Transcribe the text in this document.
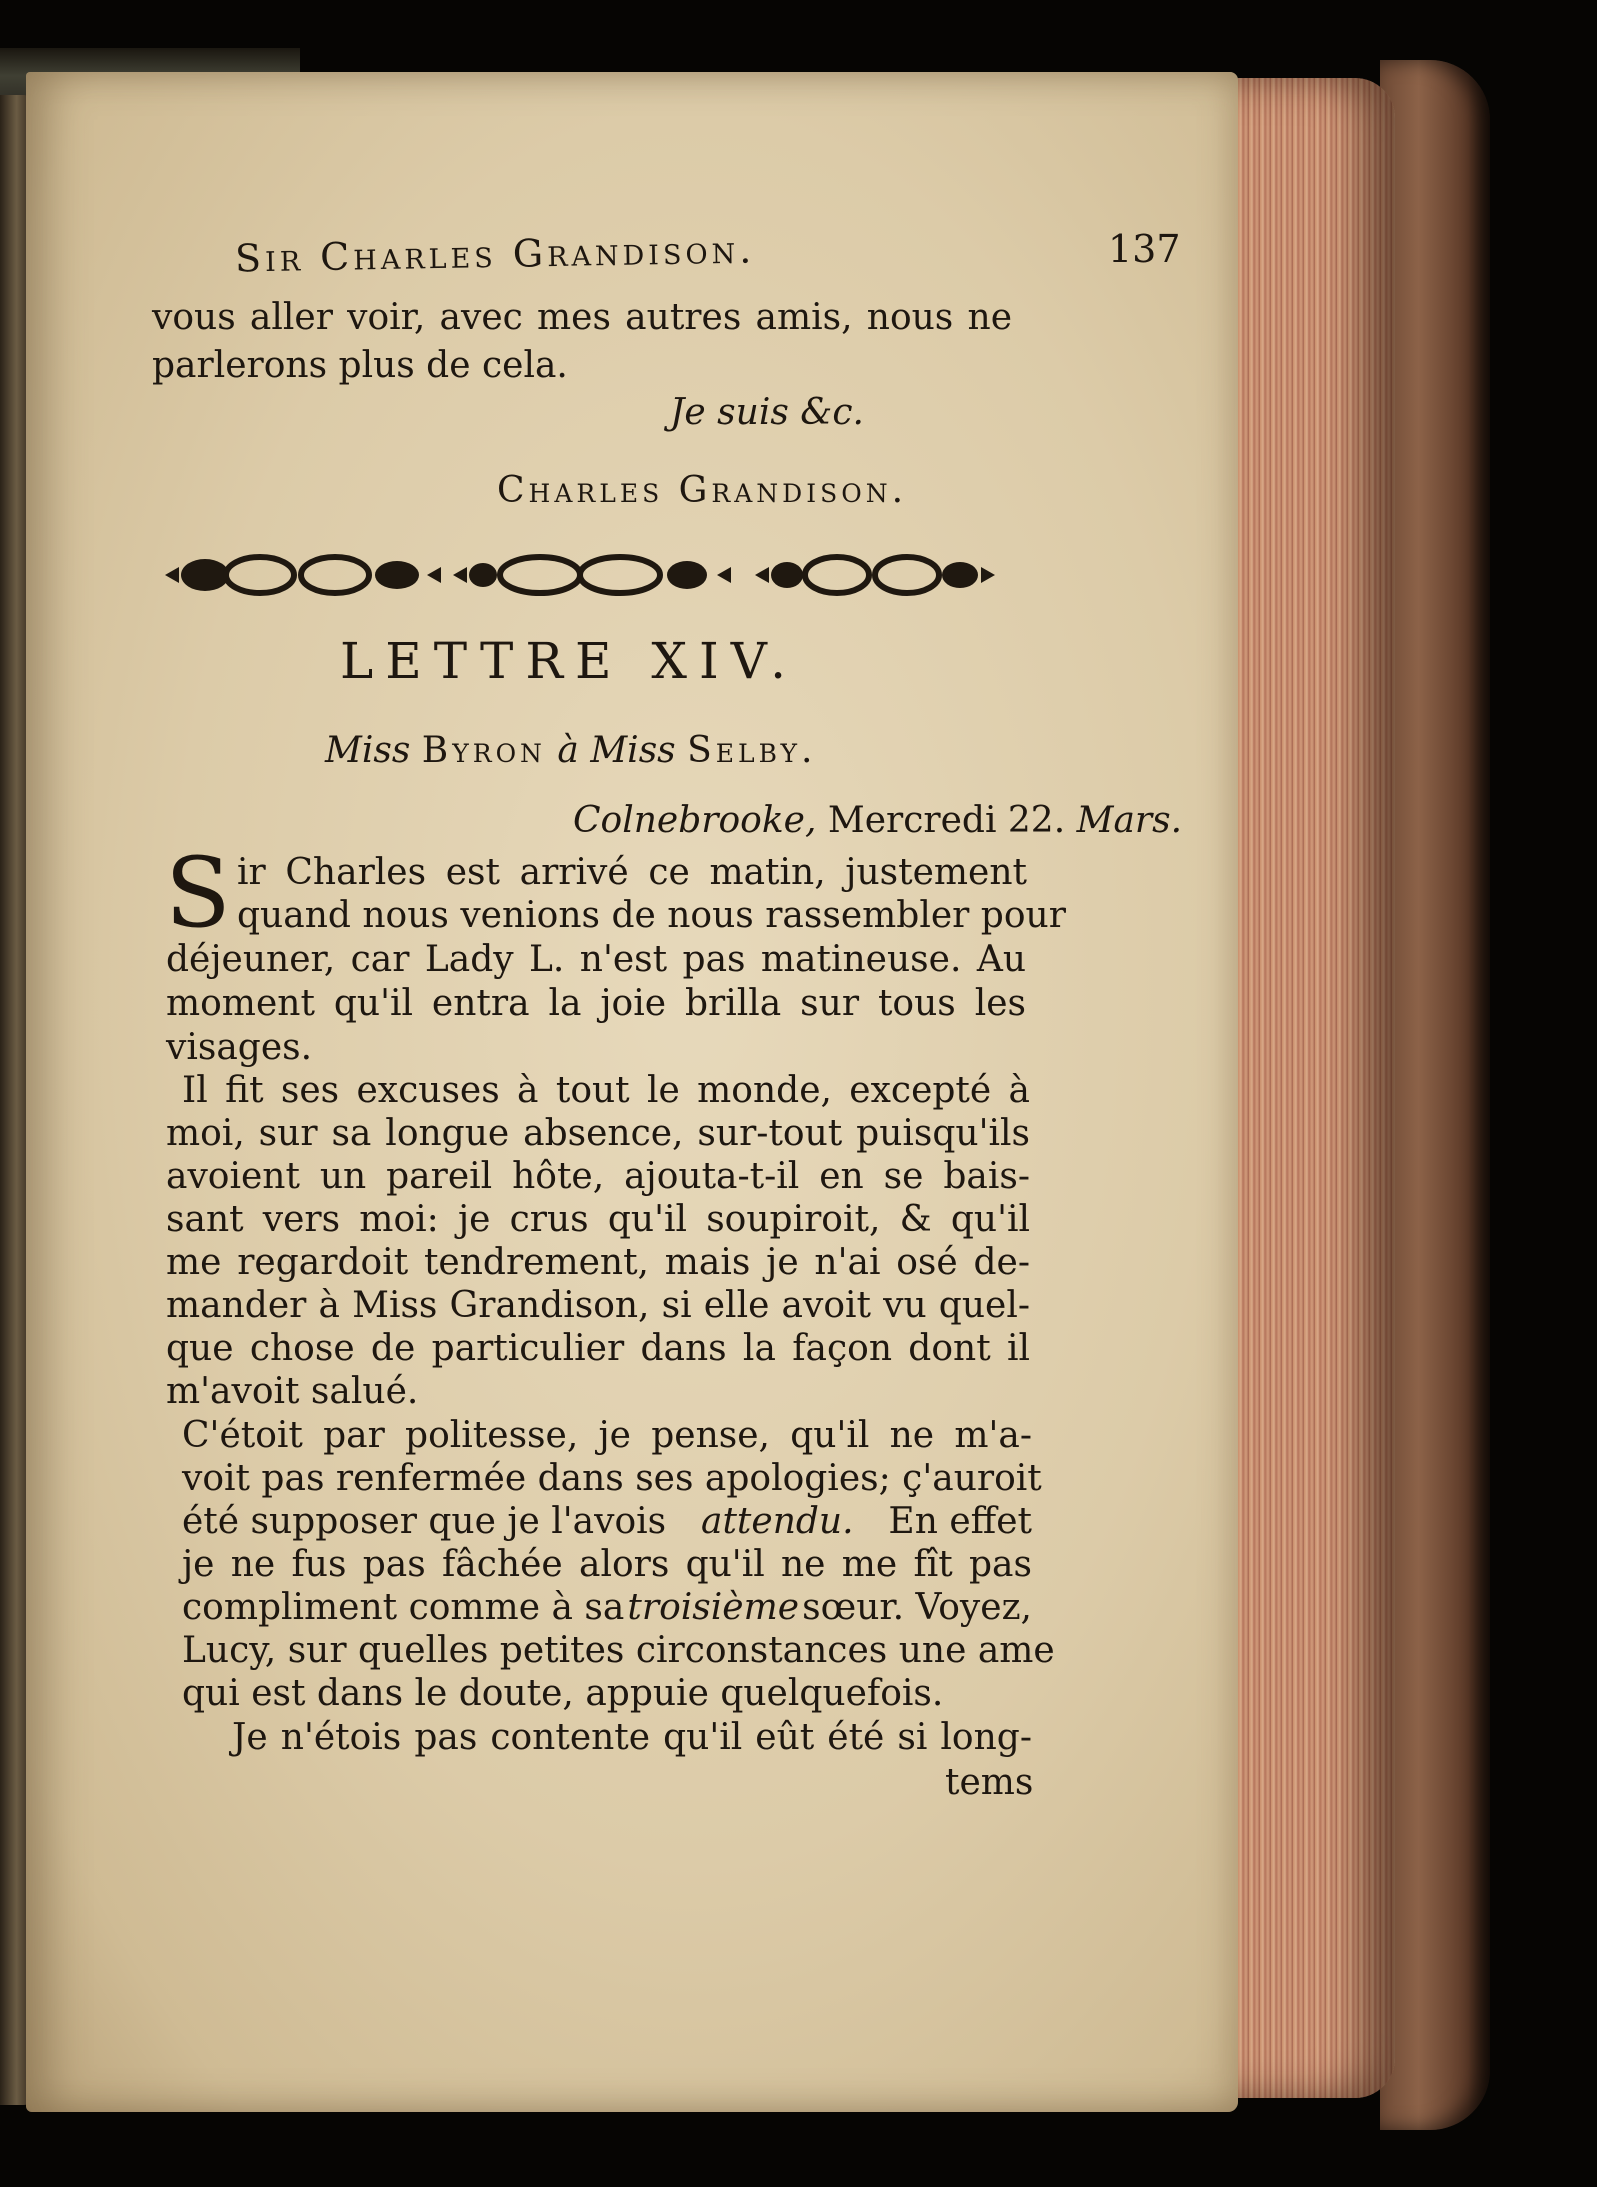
Sir Charles Grandison.	137
vous aller voir, avec mes autres amis, nous ne
parlerons plus de cela.
Je suis &c.
Charles Grandison.
LETTRE XIV.
Miss Byron à Miss Selby.
Colnebrooke, Mercredi 22. Mars.
S ir Charles est arrivé ce matin, justement
quand nous venions de nous rassembler pour
déjeuner, car Lady L. n'est pas matineuse. Au
moment qu'il entra la joie brilla sur tous les
visages.
Il fit ses excuses à tout le monde, excepté à
moi, sur sa longue absence, sur-tout puisqu'ils
avoient un pareil hôte, ajouta-t-il en se bais-
sant vers moi: je crus qu'il soupiroit, & qu'il
me regardoit tendrement, mais je n'ai osé de-
mander à Miss Grandison, si elle avoit vu quel-
que chose de particulier dans la façon dont il
m'avoit salué.
C'étoit par politesse, je pense, qu'il ne m'a-
voit pas renfermée dans ses apologies; ç'auroit
été supposer que je l'avois attendu. En effet
je ne fus pas fâchée alors qu'il ne me fît pas
compliment comme à sa troisième sœur. Voyez,
Lucy, sur quelles petites circonstances une ame
qui est dans le doute, appuie quelquefois.
Je n'étois pas contente qu'il eût été si long-
tems
